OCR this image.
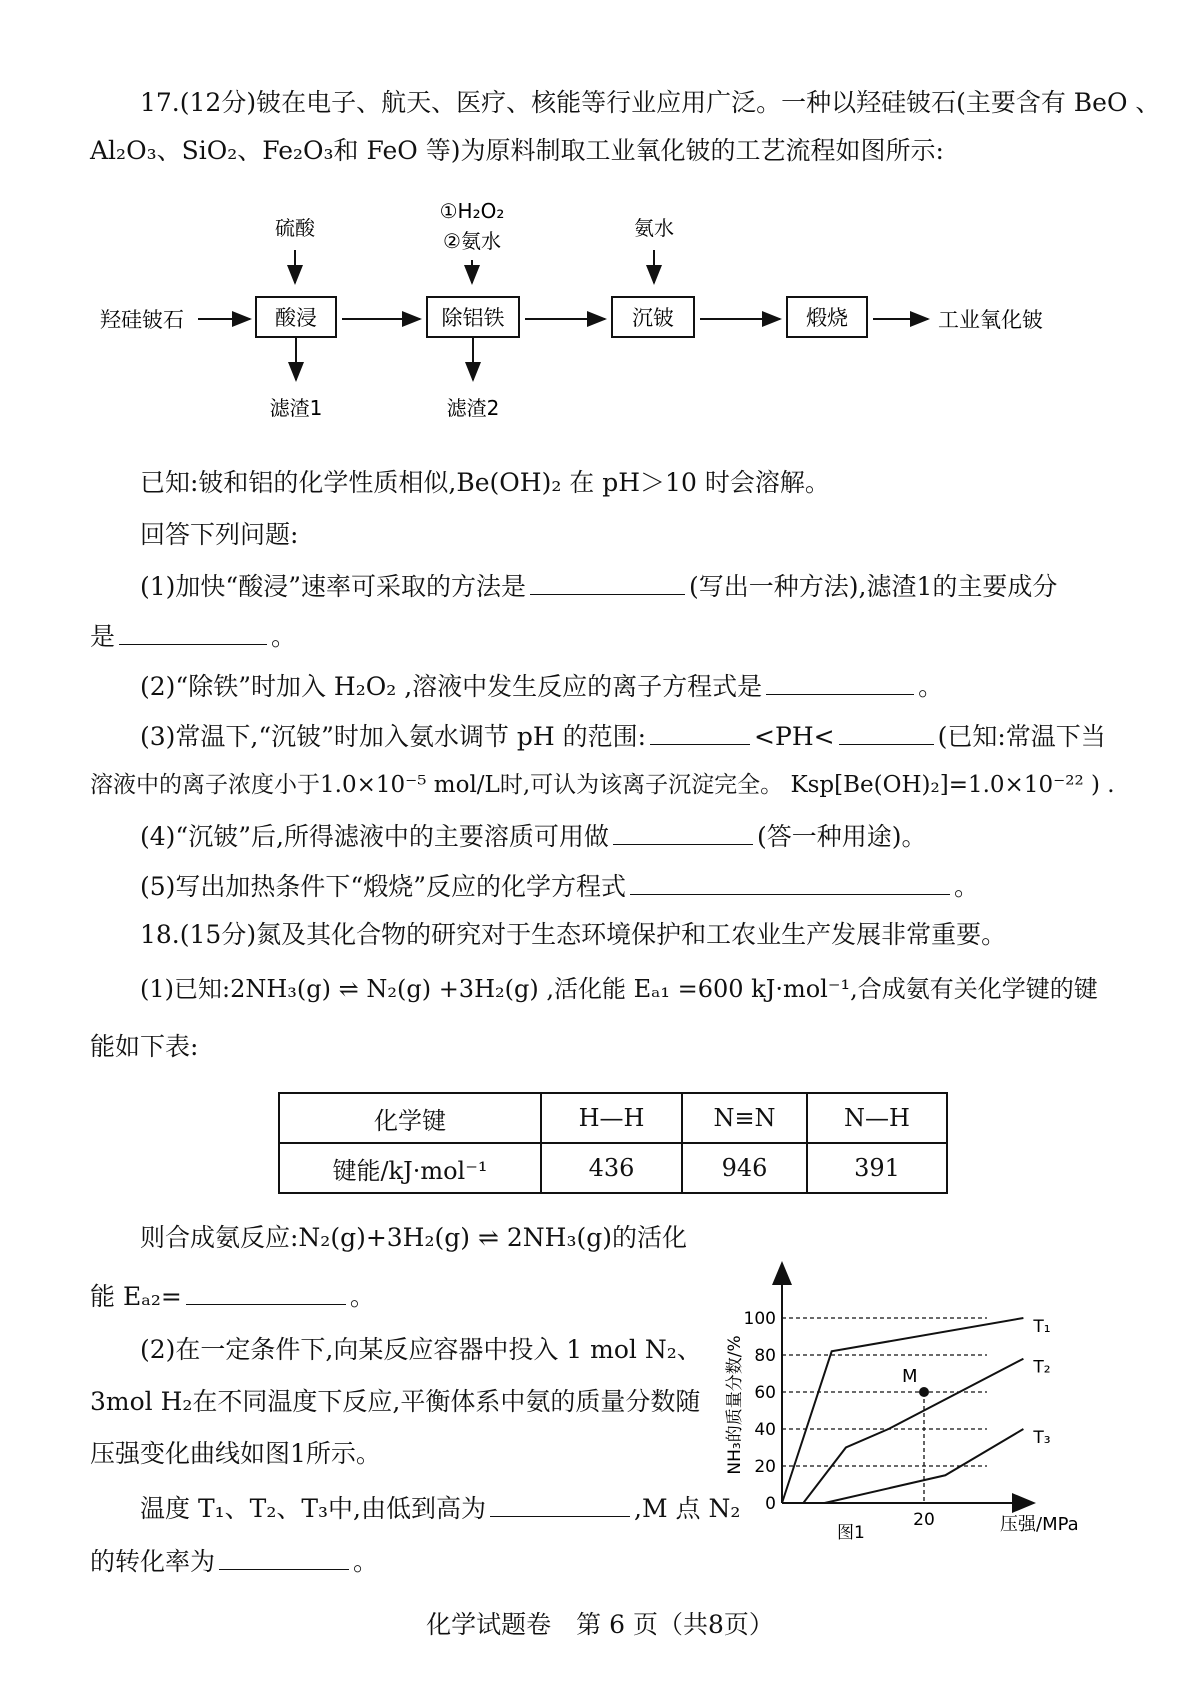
17.(12分)铍在电子、航天、医疗、核能等行业应用广泛。一种以羟硅铍石(主要含有 BeO 、
Al₂O₃、SiO₂、Fe₂O₃和 FeO 等)为原料制取工业氧化铍的工艺流程如图所示:
硫酸
①H₂O₂
②氨水
氨水
羟硅铍石	酸浸	除铝铁	沉铍	煅烧	工业氧化铍
滤渣1	滤渣2
已知:铍和铝的化学性质相似,Be(OH)₂ 在 pH＞10 时会溶解。
回答下列问题:
(1)加快“酸浸”速率可采取的方法是	(写出一种方法),滤渣1的主要成分
是	。
(2)“除铁”时加入 H₂O₂ ,溶液中发生反应的离子方程式是	。
(3)常温下,“沉铍”时加入氨水调节 pH 的范围:	<PH<	(已知:常温下当
溶液中的离子浓度小于1.0×10⁻⁵ mol/L时,可认为该离子沉淀完全。 Ksp[Be(OH)₂]=1.0×10⁻²² ) .
(4)“沉铍”后,所得滤液中的主要溶质可用做	(答一种用途)。
(5)写出加热条件下“煅烧”反应的化学方程式	。
18.(15分)氮及其化合物的研究对于生态环境保护和工农业生产发展非常重要。
(1)已知:2NH₃(g) ⇌ N₂(g) +3H₂(g) ,活化能 Eₐ₁ =600 kJ·mol⁻¹,合成氨有关化学键的键
能如下表:
化学键	H—H	N≡N	N—H
键能/kJ·mol⁻¹	436	946	391
则合成氨反应:N₂(g)+3H₂(g) ⇌ 2NH₃(g)的活化
能 Eₐ₂=	。
(2)在一定条件下,向某反应容器中投入 1 mol N₂、
3mol H₂在不同温度下反应,平衡体系中氨的质量分数随
压强变化曲线如图1所示。
温度 T₁、T₂、T₃中,由低到高为	,M 点 N₂
的转化率为	。
0
20
40
60
80
100
20
T₁
T₂
T₃
M
NH₃的质量分数/%
压强/MPa
图1
化学试题卷　第 6 页（共8页）
